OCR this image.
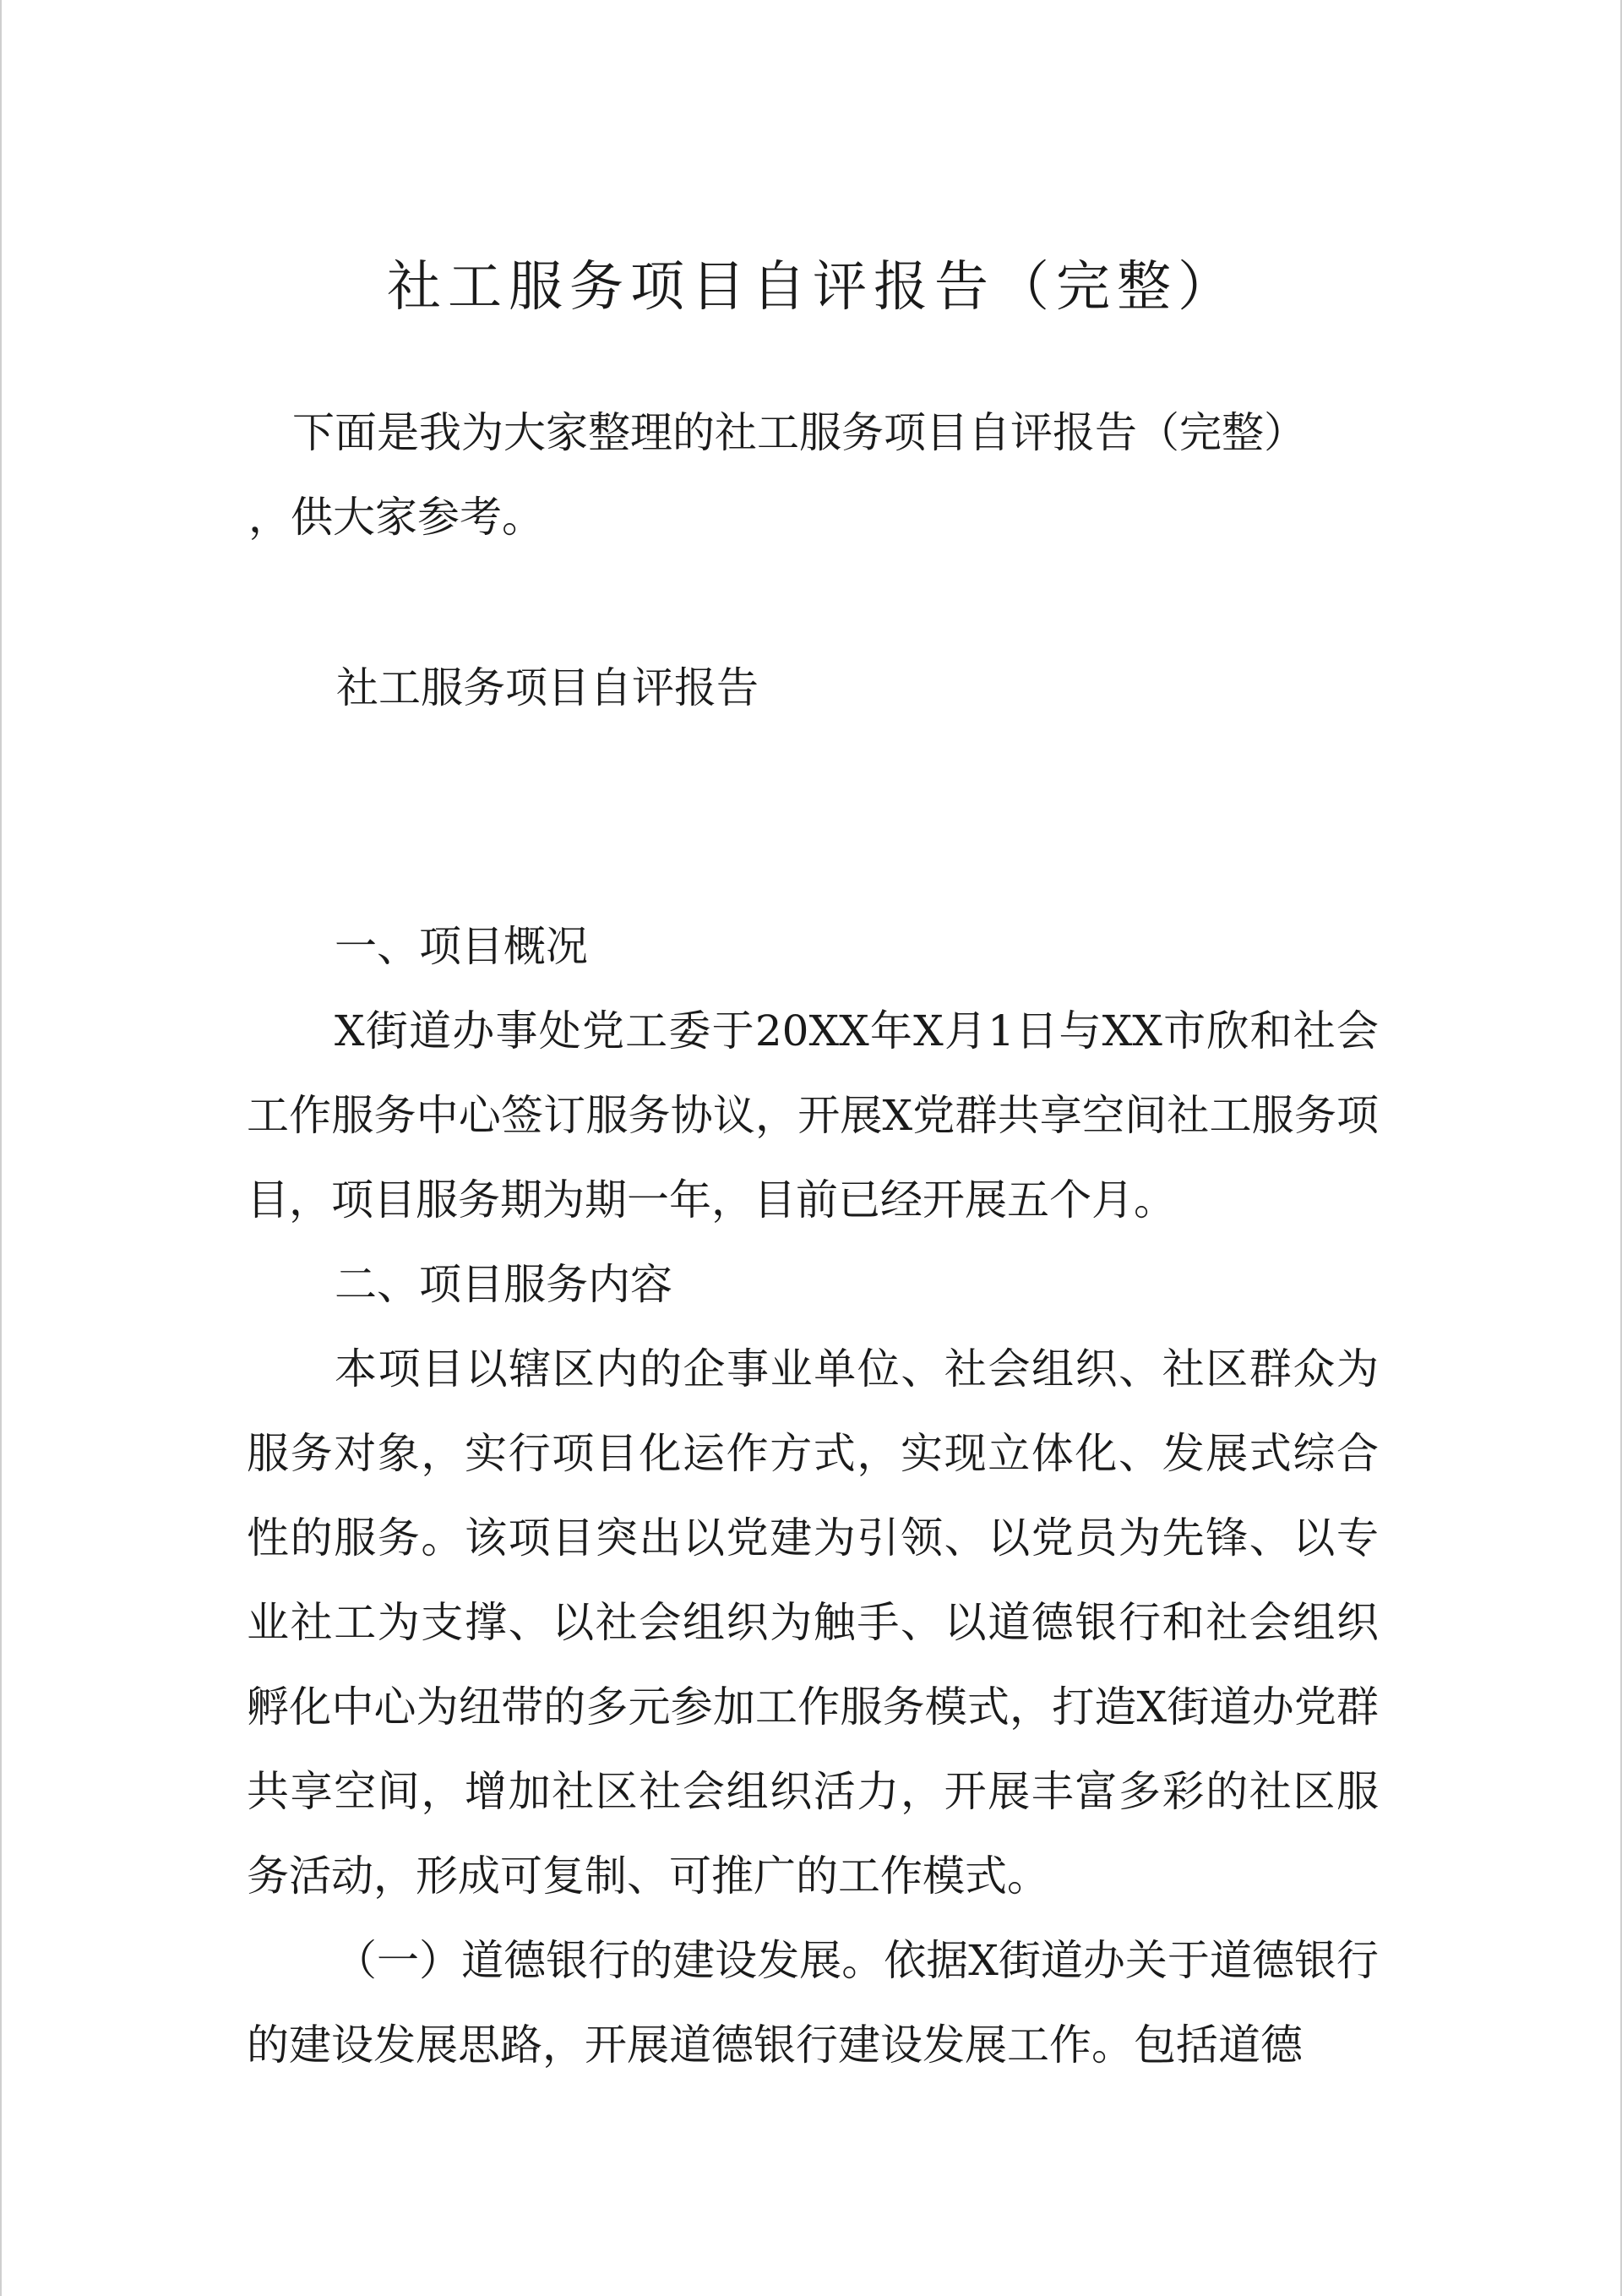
社工服务项目自评报告（完整）

下面是我为大家整理的社工服务项目自评报告（完整）

，供大家参考。

社工服务项目自评报告

一、项目概况

X街道办事处党工委于20XX年X月1日与XX市欣和社会工作服务中心签订服务协议，开展X党群共享空间社工服务项目，项目服务期为期一年，目前已经开展五个月。

二、项目服务内容

本项目以辖区内的企事业单位、社会组织、社区群众为服务对象，实行项目化运作方式，实现立体化、发展式综合性的服务。该项目突出以党建为引领、以党员为先锋、以专业社工为支撑、以社会组织为触手、以道德银行和社会组织孵化中心为纽带的多元参加工作服务模式，打造X街道办党群共享空间，增加社区社会组织活力，开展丰富多彩的社区服务活动，形成可复制、可推广的工作模式。

（一）道德银行的建设发展。依据X街道办关于道德银行的建设发展思路，开展道德银行建设发展工作。包括道德
